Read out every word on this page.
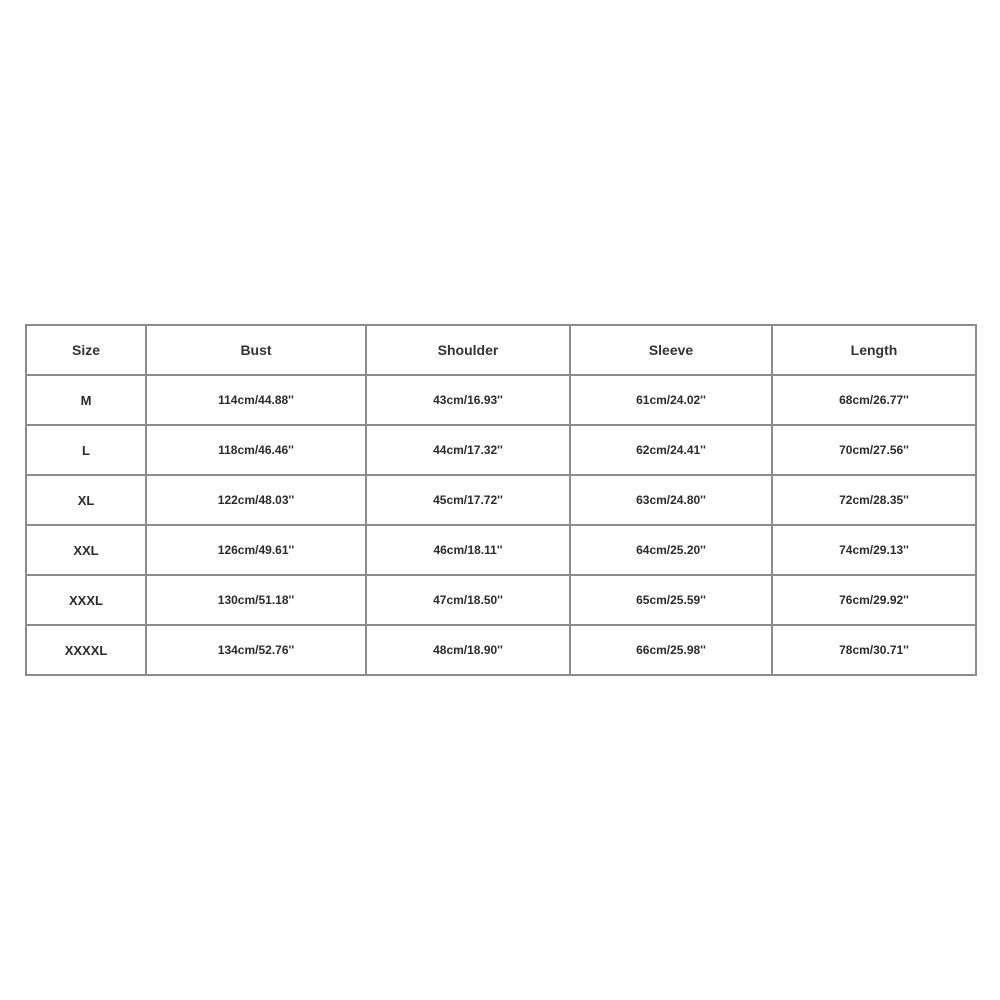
Size	Bust	Shoulder	Sleeve	Length
M	114cm/44.88''	43cm/16.93''	61cm/24.02''	68cm/26.77''
L	118cm/46.46''	44cm/17.32''	62cm/24.41''	70cm/27.56''
XL	122cm/48.03''	45cm/17.72''	63cm/24.80''	72cm/28.35''
XXL	126cm/49.61''	46cm/18.11''	64cm/25.20''	74cm/29.13''
XXXL	130cm/51.18''	47cm/18.50''	65cm/25.59''	76cm/29.92''
XXXXL	134cm/52.76''	48cm/18.90''	66cm/25.98''	78cm/30.71''
